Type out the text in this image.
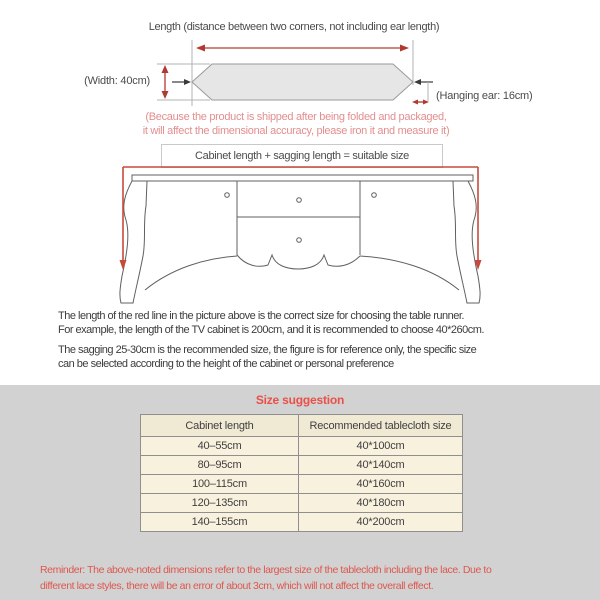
Length (distance between two corners, not including ear length)
(Width: 40cm)
(Hanging ear: 16cm)
(Because the product is shipped after being folded and packaged,
it will affect the dimensional accuracy, please iron it and measure it)
Cabinet length + sagging length = suitable size
The length of the red line in the picture above is the correct size for choosing the table runner.
For example, the length of the TV cabinet is 200cm, and it is recommended to choose 40*260cm.
The sagging 25-30cm is the recommended size, the figure is for reference only, the specific size
can be selected according to the height of the cabinet or personal preference
Size suggestion
Cabinet length	Recommended tablecloth size
40–55cm	40*100cm
80–95cm	40*140cm
100–115cm	40*160cm
120–135cm	40*180cm
140–155cm	40*200cm
Reminder: The above-noted dimensions refer to the largest size of the tablecloth including the lace. Due to
different lace styles, there will be an error of about 3cm, which will not affect the overall effect.
